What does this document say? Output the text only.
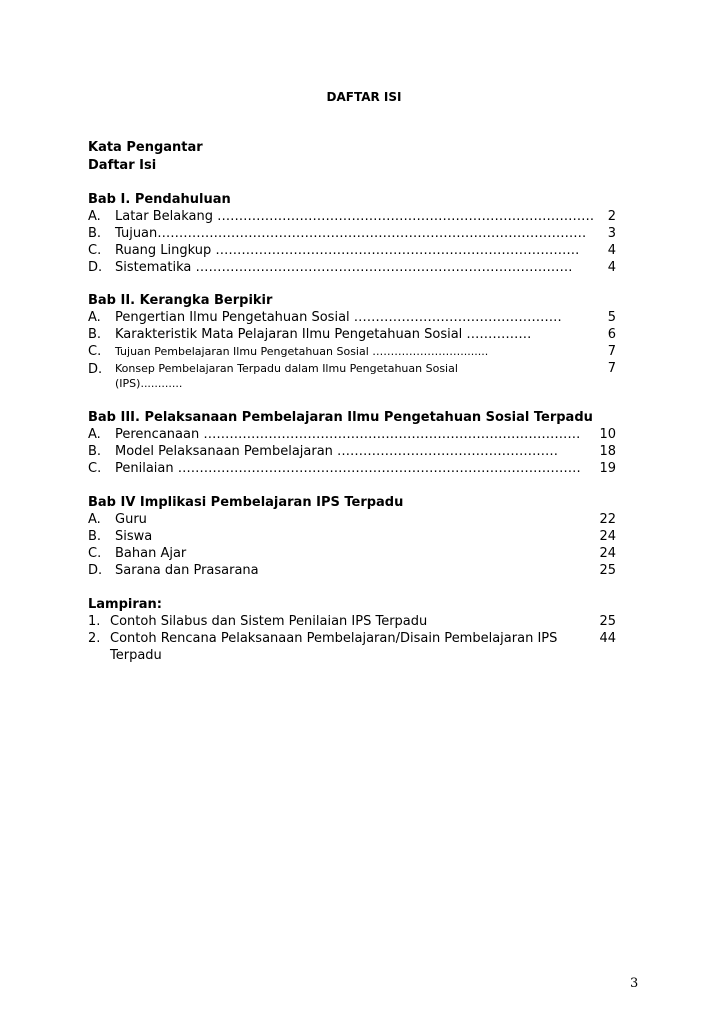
DAFTAR ISI
Kata Pengantar
Daftar Isi
Bab I. Pendahuluan
A. Latar Belakang …………………………………………………………………………… 2
B. Tujuan……………………………………………………………………………………… 3
C. Ruang Lingkup ………………………………………………………………………… 4
D. Sistematika ……………………………………………………………………………	4
Bab II. Kerangka Berpikir
A. Pengertian Ilmu Pengetahuan Sosial …………………………………………	5
B. Karakteristik Mata Pelajaran Ilmu Pengetahuan Sosial ……………	6
C. Tujuan Pembelajaran Ilmu Pengetahuan Sosial ……………………........	7
D. Konsep Pembelajaran Terpadu dalam Ilmu Pengetahuan Sosial	7
(IPS)............
Bab III. Pelaksanaan Pembelajaran Ilmu Pengetahuan Sosial Terpadu
A. Perencanaan …………………………………………………………………………… 10
B. Model Pelaksanaan Pembelajaran ……………………………………………	18
C. Penilaian ………………………………………………………………………………… 19
Bab IV Implikasi Pembelajaran IPS Terpadu
A. Guru	22
B. Siswa	24
C. Bahan Ajar	24
D. Sarana dan Prasarana	25
Lampiran:
1. Contoh Silabus dan Sistem Penilaian IPS Terpadu	25
2. Contoh Rencana Pelaksanaan Pembelajaran/Disain Pembelajaran IPS	44
Terpadu
3
